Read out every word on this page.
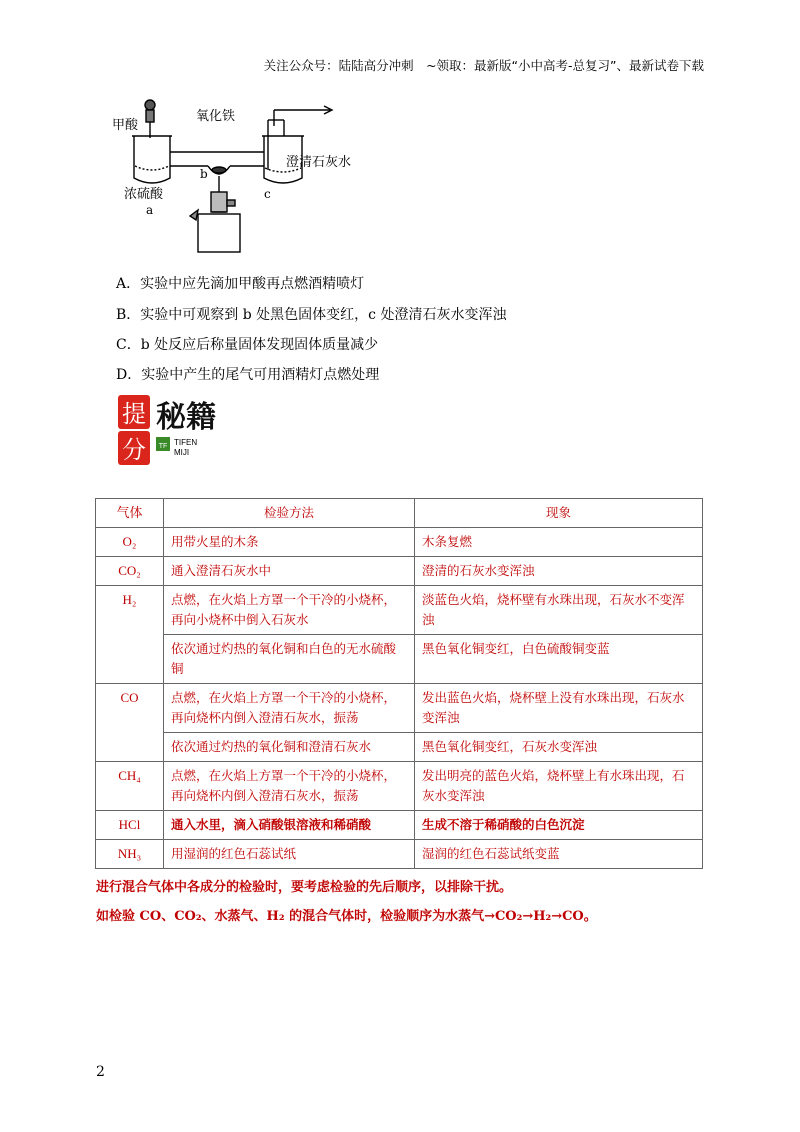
关注公众号：陆陆高分冲刺　~领取：最新版“小中高考-总复习”、最新试卷下载
甲酸
氧化铁
澄清石灰水
浓硫酸
a
b
c
A．实验中应先滴加甲酸再点燃酒精喷灯
B．实验中可观察到 b 处黑色固体变红，c 处澄清石灰水变浑浊
C．b 处反应后称量固体发现固体质量减少
D．实验中产生的尾气可用酒精灯点燃处理
提
分
秘籍
TF TIFEN
MIJI
气体	检验方法	现象
O₂	用带火星的木条	木条复燃
CO₂	通入澄清石灰水中	澄清的石灰水变浑浊
H₂	点燃，在火焰上方罩一个干冷的小烧杯，再向小烧杯中倒入石灰水	淡蓝色火焰，烧杯壁有水珠出现，石灰水不变浑浊
	依次通过灼热的氧化铜和白色的无水硫酸铜	黑色氧化铜变红，白色硫酸铜变蓝
CO	点燃，在火焰上方罩一个干冷的小烧杯，再向烧杯内倒入澄清石灰水，振荡	发出蓝色火焰，烧杯壁上没有水珠出现，石灰水变浑浊
	依次通过灼热的氧化铜和澄清石灰水	黑色氧化铜变红，石灰水变浑浊
CH₄	点燃，在火焰上方罩一个干冷的小烧杯，再向烧杯内倒入澄清石灰水，振荡	发出明亮的蓝色火焰，烧杯壁上有水珠出现，石灰水变浑浊
HCl	通入水里，滴入硝酸银溶液和稀硝酸	生成不溶于稀硝酸的白色沉淀
NH₃	用湿润的红色石蕊试纸	湿润的红色石蕊试纸变蓝
进行混合气体中各成分的检验时，要考虑检验的先后顺序，以排除干扰。
如检验 CO、CO₂、水蒸气、H₂ 的混合气体时，检验顺序为水蒸气→CO₂→H₂→CO。
2
